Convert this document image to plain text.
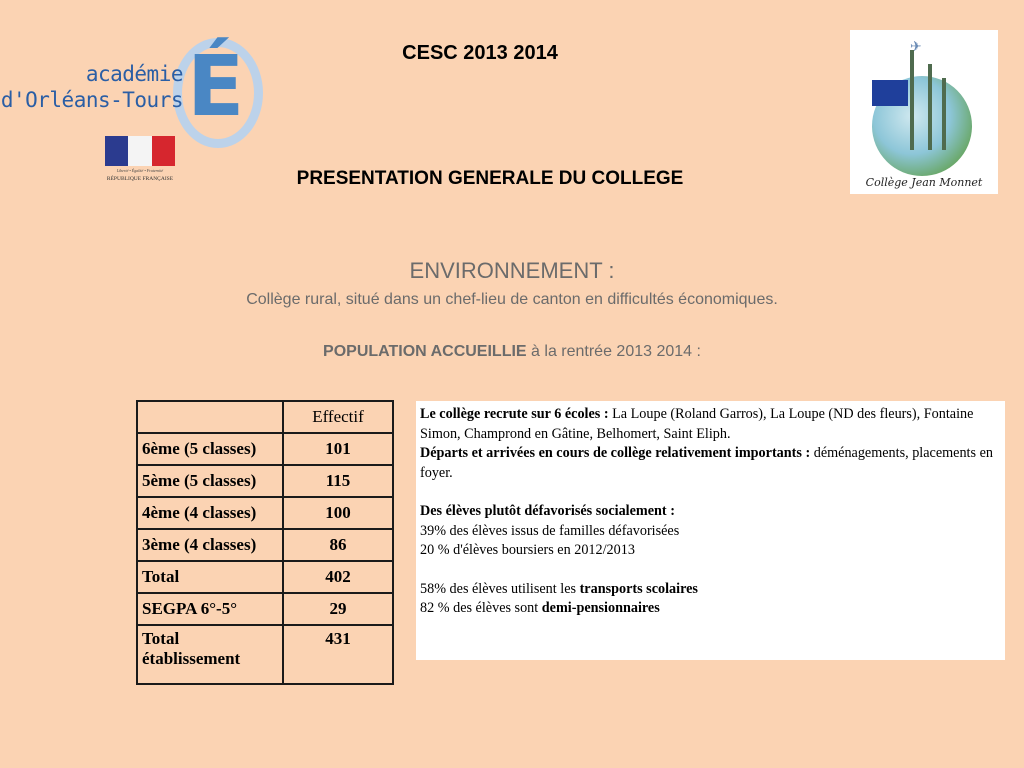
É
académie
d'Orléans-Tours
Liberté • Égalité • Fraternité
RÉPUBLIQUE FRANÇAISE
✈
Collège Jean Monnet
CESC 2013 2014
PRESENTATION GENERALE DU COLLEGE
ENVIRONNEMENT :
Collège rural, situé dans un chef-lieu de canton en difficultés économiques.
POPULATION ACCUEILLIE à la rentrée 2013 2014 :
	Effectif
6ème (5 classes)	101
5ème (5 classes)	115
4ème (4 classes)	100
3ème (4 classes)	86
Total	402
SEGPA 6°-5°	29
Total établissement	431

Le collège recrute sur 6 écoles : La Loupe (Roland Garros), La Loupe (ND des fleurs), Fontaine Simon, Champrond en Gâtine, Belhomert, Saint Eliph.

Départs et arrivées en cours de collège relativement importants : déménagements, placements en foyer.

Des élèves plutôt défavorisés socialement :

39% des élèves issus de familles défavorisées

20 % d'élèves boursiers en 2012/2013

58% des élèves utilisent les transports scolaires

82 % des élèves sont demi-pensionnaires
